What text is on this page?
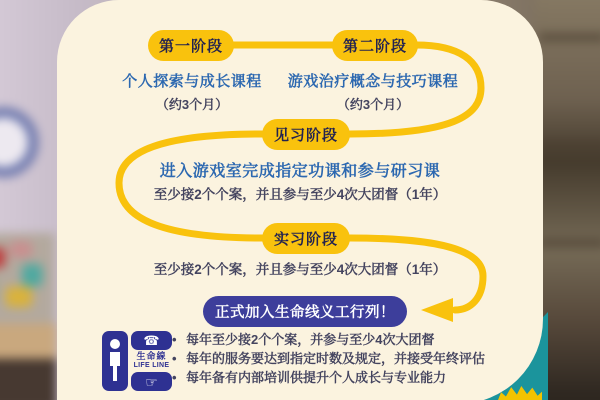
第一阶段	第二阶段
见习阶段
实习阶段
个人探索与成长课程
（约3个月）
游戏治疗概念与技巧课程
（约3个月）
进入游戏室完成指定功课和参与研习课
至少接2个个案，并且参与至少4次大团督（1年）
至少接2个个案，并且参与至少4次大团督（1年）
正式加入生命线义工行列！
☎
生命線
LIFE LINE
☞
• 每年至少接2个个案，并参与至少4次大团督
• 每年的服务要达到指定时数及规定，并接受年终评估
• 每年备有内部培训供提升个人成长与专业能力
